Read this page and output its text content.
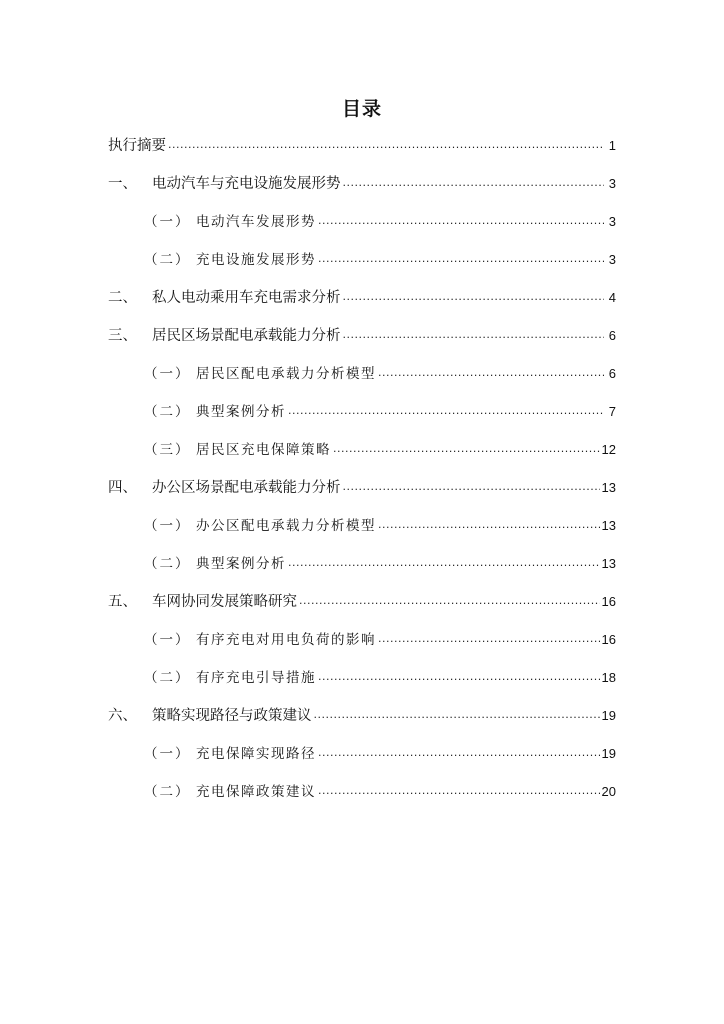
目录
执行摘要 .....	1
一、	电动汽车与充电设施发展形势 .....	3
（一） 电动汽车发展形势 .....	3
（二） 充电设施发展形势 .....	3
二、	私人电动乘用车充电需求分析 .....	4
三、	居民区场景配电承载能力分析 .....	6
（一） 居民区配电承载力分析模型 .....	6
（二） 典型案例分析 .....	7
（三） 居民区充电保障策略 .....	12
四、	办公区场景配电承载能力分析 .....	13
（一） 办公区配电承载力分析模型 .....	13
（二） 典型案例分析 .....	13
五、	车网协同发展策略研究 .....	16
（一） 有序充电对用电负荷的影响 .....	16
（二） 有序充电引导措施 .....	18
六、	策略实现路径与政策建议 .....	19
（一） 充电保障实现路径 .....	19
（二） 充电保障政策建议 .....	20
